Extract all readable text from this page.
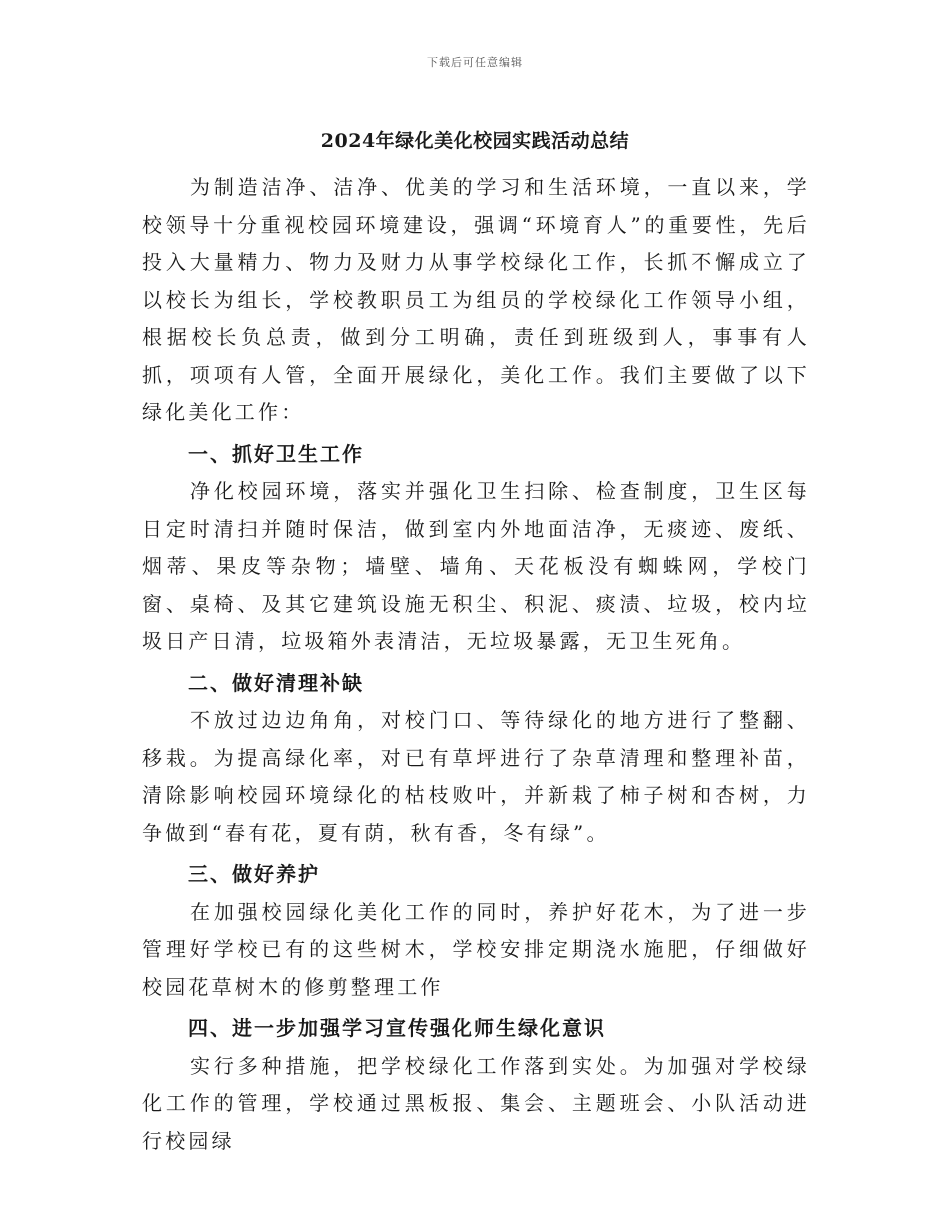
下载后可任意编辑
2024年绿化美化校园实践活动总结

为制造洁净、洁净、优美的学习和生活环境，一直以来，学校领导十分重视校园环境建设，强调“环境育人”的重要性，先后投入大量精力、物力及财力从事学校绿化工作，长抓不懈成立了以校长为组长，学校教职员工为组员的学校绿化工作领导小组，根据校长负总责，做到分工明确，责任到班级到人，事事有人抓，项项有人管，全面开展绿化，美化工作。我们主要做了以下绿化美化工作：

一、抓好卫生工作

净化校园环境，落实并强化卫生扫除、检查制度，卫生区每日定时清扫并随时保洁，做到室内外地面洁净，无痰迹、废纸、烟蒂、果皮等杂物；墙壁、墙角、天花板没有蜘蛛网，学校门窗、桌椅、及其它建筑设施无积尘、积泥、痰渍、垃圾，校内垃圾日产日清，垃圾箱外表清洁，无垃圾暴露，无卫生死角。

二、做好清理补缺

不放过边边角角，对校门口、等待绿化的地方进行了整翻、移栽。为提高绿化率，对已有草坪进行了杂草清理和整理补苗，清除影响校园环境绿化的枯枝败叶，并新栽了柿子树和杏树，力争做到“春有花，夏有荫，秋有香，冬有绿”。

三、做好养护

在加强校园绿化美化工作的同时，养护好花木，为了进一步管理好学校已有的这些树木，学校安排定期浇水施肥，仔细做好校园花草树木的修剪整理工作

四、进一步加强学习宣传强化师生绿化意识

实行多种措施，把学校绿化工作落到实处。为加强对学校绿化工作的管理，学校通过黑板报、集会、主题班会、小队活动进行校园绿
